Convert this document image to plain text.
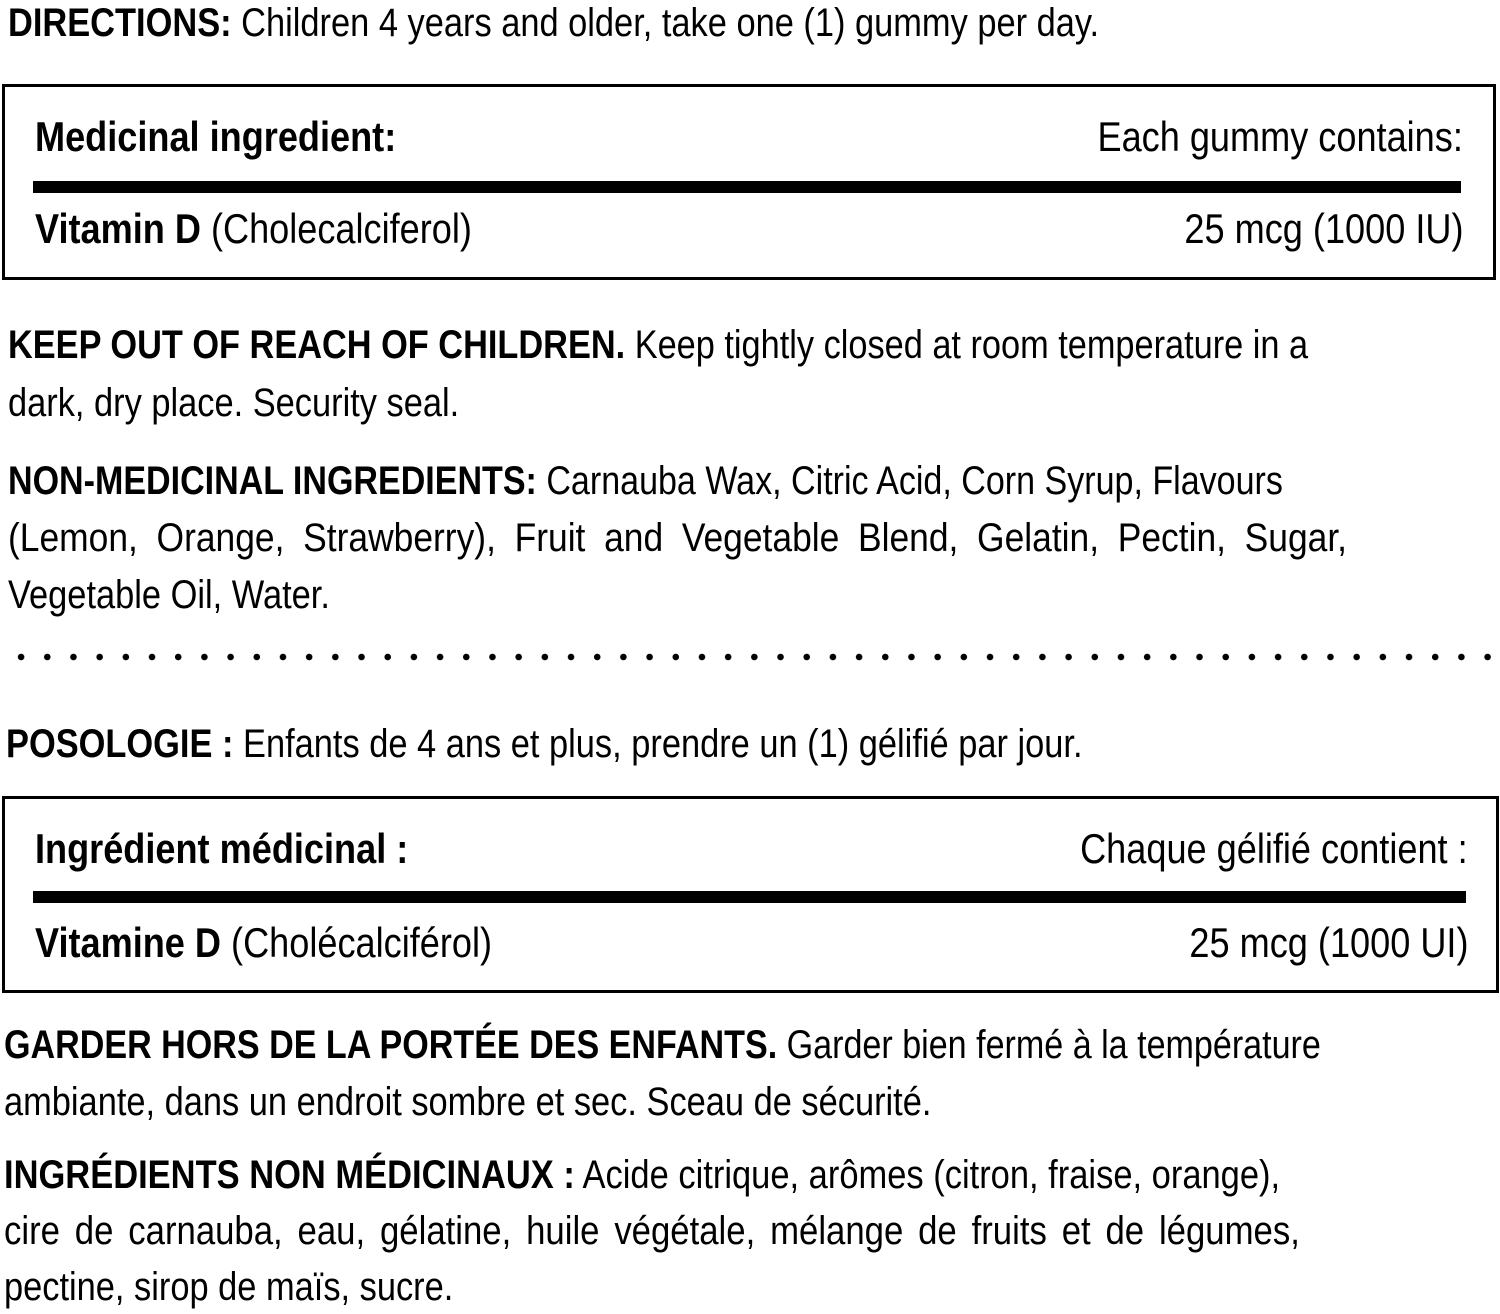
DIRECTIONS: Children 4 years and older, take one (1) gummy per day.
Medicinal ingredient:	Each gummy contains:
Vitamin D (Cholecalciferol)	25 mcg (1000 IU)
KEEP OUT OF REACH OF CHILDREN. Keep tightly closed at room temperature in a
dark, dry place. Security seal.
NON-MEDICINAL INGREDIENTS: Carnauba Wax, Citric Acid, Corn Syrup, Flavours
(Lemon, Orange, Strawberry), Fruit and Vegetable Blend, Gelatin, Pectin, Sugar,
Vegetable Oil, Water.
POSOLOGIE : Enfants de 4 ans et plus, prendre un (1) gélifié par jour.
Ingrédient médicinal :	Chaque gélifié contient :
Vitamine D (Cholécalciférol)	25 mcg (1000 UI)
GARDER HORS DE LA PORTÉE DES ENFANTS. Garder bien fermé à la température
ambiante, dans un endroit sombre et sec. Sceau de sécurité.
INGRÉDIENTS NON MÉDICINAUX : Acide citrique, arômes (citron, fraise, orange),
cire de carnauba, eau, gélatine, huile végétale, mélange de fruits et de légumes,
pectine, sirop de maïs, sucre.
